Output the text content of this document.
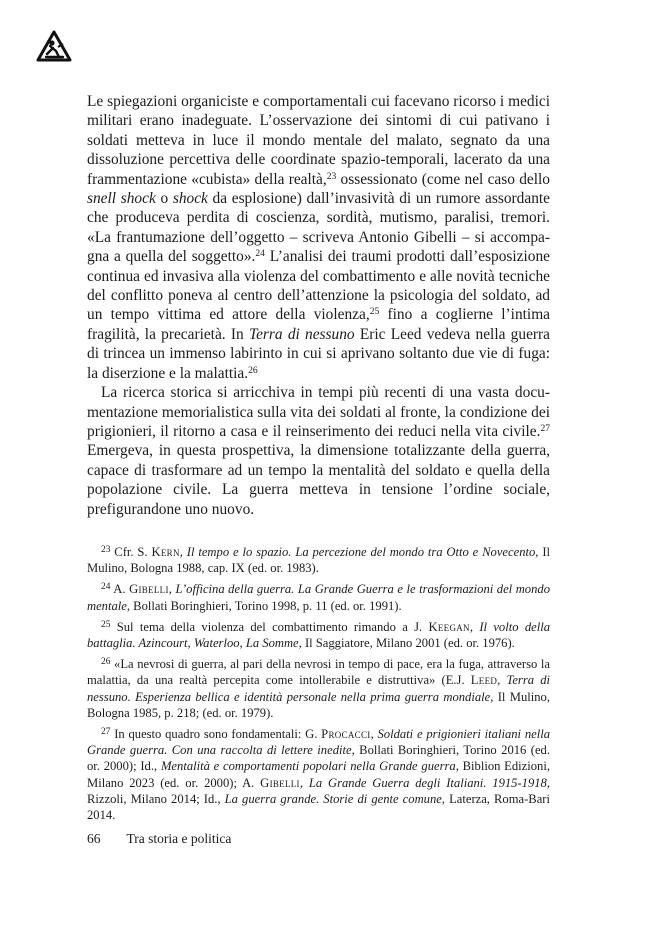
Le spiegazioni organiciste e comportamentali cui facevano ricorso i medici militari erano inadeguate. L’osservazione dei sintomi di cui pativano i soldati metteva in luce il mondo mentale del malato, segnato da una dissoluzione percettiva delle coordinate spazio-temporali, lacerato da una frammentazione «cubista» della realtà,$^{23}$ ossessionato (come nel caso dello snell shock o shock da esplosione) dall’invasività di un rumore assordante che produceva perdita di coscienza, sordità, mutismo, paralisi, tremori. «La frantumazione dell’oggetto – scriveva Antonio Gibelli – si accompagna a quella del soggetto».$^{24}$ L’analisi dei traumi prodotti dall’esposizione continua ed invasiva alla violenza del combattimento e alle novità tecniche del conflitto poneva al centro dell’attenzione la psicologia del soldato, ad un tempo vittima ed attore della violenza,$^{25}$ fino a coglierne l’intima fragilità, la precarietà. In Terra di nessuno Eric Leed vedeva nella guerra di trincea un immenso labirinto in cui si aprivano soltanto due vie di fuga: la diserzione e la malattia.$^{26}$

La ricerca storica si arricchiva in tempi più recenti di una vasta documentazione memorialistica sulla vita dei soldati al fronte, la condizione dei prigionieri, il ritorno a casa e il reinserimento dei reduci nella vita civile.$^{27}$ Emergeva, in questa prospettiva, la dimensione totalizzante della guerra, capace di trasformare ad un tempo la mentalità del soldato e quella della popolazione civile. La guerra metteva in tensione l’ordine sociale, prefigurandone uno nuovo.

$^{23}$ Cfr. S. Kern, Il tempo e lo spazio. La percezione del mondo tra Otto e Novecento, Il Mulino, Bologna 1988, cap. IX (ed. or. 1983).

$^{24}$ A. Gibelli, L’officina della guerra. La Grande Guerra e le trasformazioni del mondo mentale, Bollati Boringhieri, Torino 1998, p. 11 (ed. or. 1991).

$^{25}$ Sul tema della violenza del combattimento rimando a J. Keegan, Il volto della battaglia. Azincourt, Waterloo, La Somme, Il Saggiatore, Milano 2001 (ed. or. 1976).

$^{26}$ «La nevrosi di guerra, al pari della nevrosi in tempo di pace, era la fuga, attraverso la malattia, da una realtà percepita come intollerabile e distruttiva» (E.J. Leed, Terra di nessuno. Esperienza bellica e identità personale nella prima guerra mondiale, Il Mulino, Bologna 1985, p. 218; (ed. or. 1979).

$^{27}$ In questo quadro sono fondamentali: G. Procacci, Soldati e prigionieri italiani nella Grande guerra. Con una raccolta di lettere inedite, Bollati Boringhieri, Torino 2016 (ed. or. 2000); Id., Mentalità e comportamenti popolari nella Grande guerra, Biblion Edizioni, Milano 2023 (ed. or. 2000); A. Gibelli, La Grande Guerra degli Italiani. 1915-1918, Rizzoli, Milano 2014; Id., La guerra grande. Storie di gente comune, Laterza, Roma-Bari 2014.

66 Tra storia e politica
